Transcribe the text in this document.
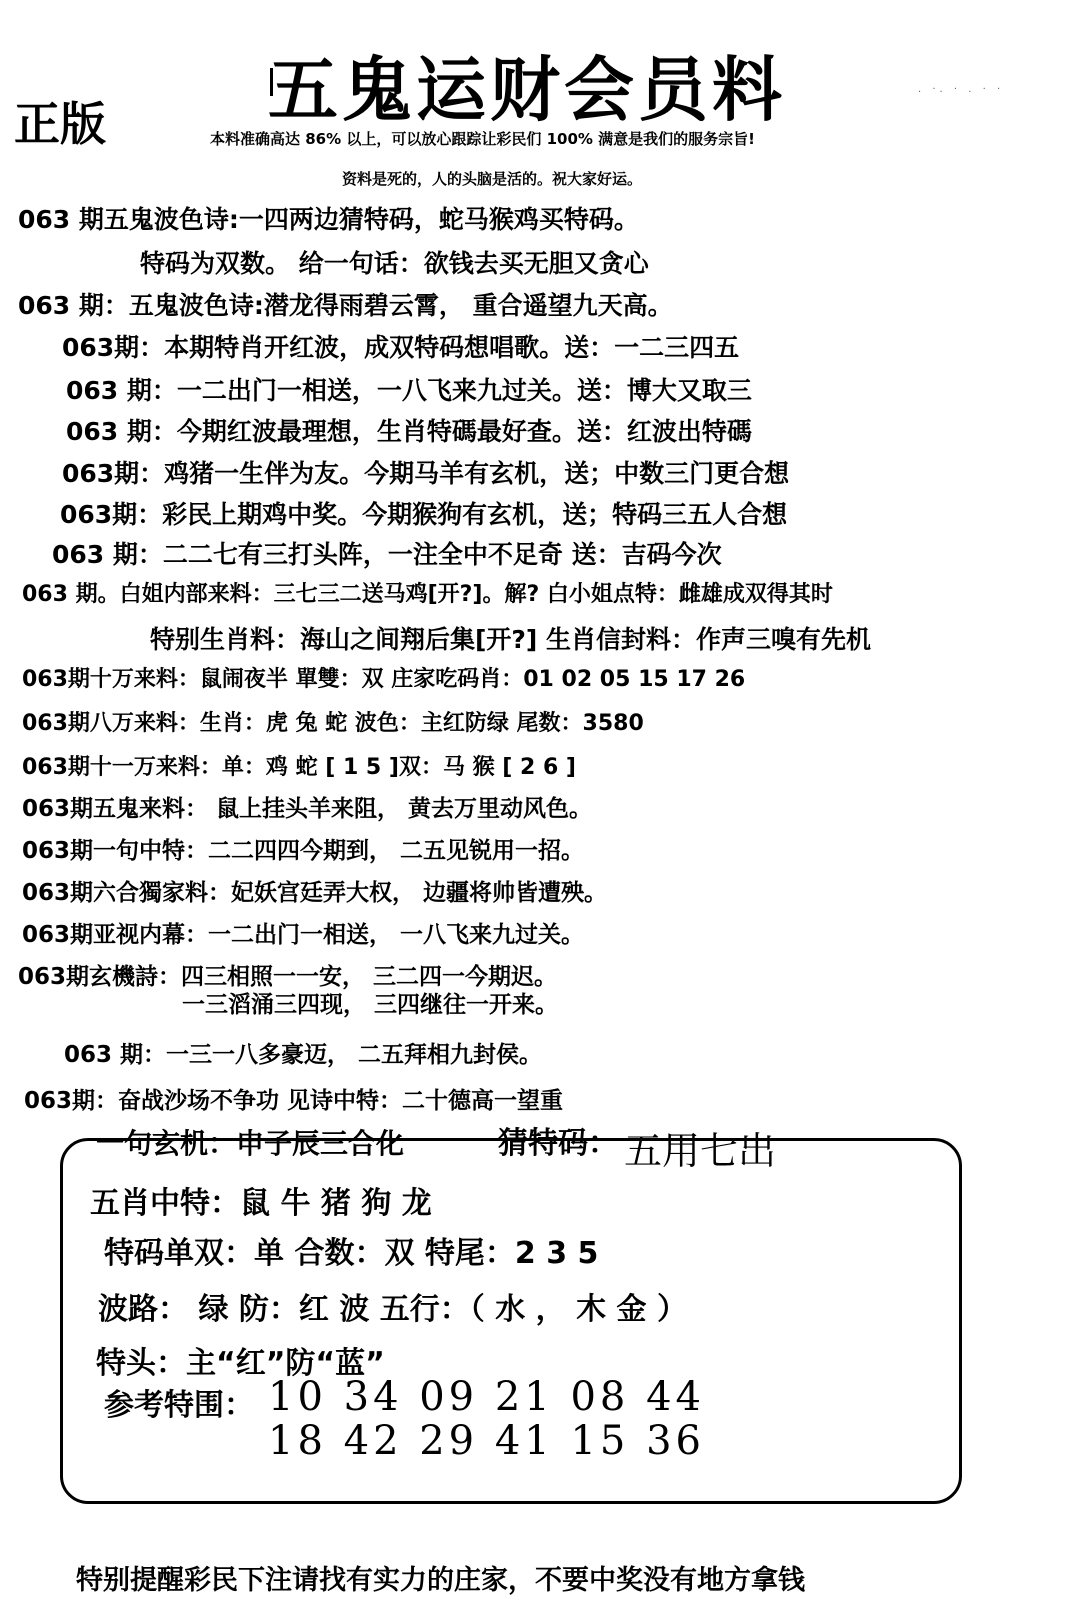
五鬼运财会员料
正版
. ·. · . · ·
本料准确高达 86% 以上，可以放心跟踪让彩民们 100% 满意是我们的服务宗旨!
资料是死的，人的头脑是活的。祝大家好运。
063 期五鬼波色诗:一四两边猜特码，蛇马猴鸡买特码。
特码为双数。 给一句话：欲钱去买无胆又贪心
063 期：五鬼波色诗:潜龙得雨碧云霄， 重合遥望九天高。
063期：本期特肖开红波，成双特码想唱歌。送：一二三四五
063 期：一二出门一相送，一八飞来九过关。送：博大又取三
063 期：今期红波最理想，生肖特碼最好查。送：红波出特碼
063期：鸡猪一生伴为友。今期马羊有玄机，送；中数三门更合想
063期：彩民上期鸡中奖。今期猴狗有玄机，送；特码三五人合想
063 期：二二七有三打头阵，一注全中不足奇 送：吉码今次
063 期。白姐内部来料：三七三二送马鸡[开?]。解? 白小姐点特：雌雄成双得其时
特别生肖料：海山之间翔后集[开?] 生肖信封料：作声三嗅有先机
063期十万来料：鼠闹夜半 單雙：双 庄家吃码肖：01 02 05 15 17 26
063期八万来料：生肖：虎 兔 蛇 波色：主红防绿 尾数：3580
063期十一万来料：单：鸡 蛇 [ 1 5 ]双：马 猴 [ 2 6 ]
063期五鬼来料： 鼠上挂头羊来阻， 黄去万里动风色。
063期一句中特：二二四四今期到， 二五见锐用一招。
063期六合獨家料：妃妖宫廷弄大权， 边疆将帅皆遭殃。
063期亚视内幕：一二出门一相送， 一八飞来九过关。
063期玄機詩：四三相照一一安， 三二四一今期迟。
一三滔涌三四现， 三四继往一开来。
063 期：一三一八多豪迈， 二五拜相九封侯。
063期：奋战沙场不争功 见诗中特：二十德高一望重
一句玄机：申子辰三合化	猜特码： 五用七出
五肖中特：鼠 牛 猪 狗 龙
特码单双：单 合数：双 特尾：2 3 5
波路： 绿 防：红 波 五行：（ 水 ， 木 金 ）
特头：主“红”防“蓝”
参考特围： 10 34 09 21 08 44
18 42 29 41 15 36
特别提醒彩民下注请找有实力的庄家，不要中奖没有地方拿钱
